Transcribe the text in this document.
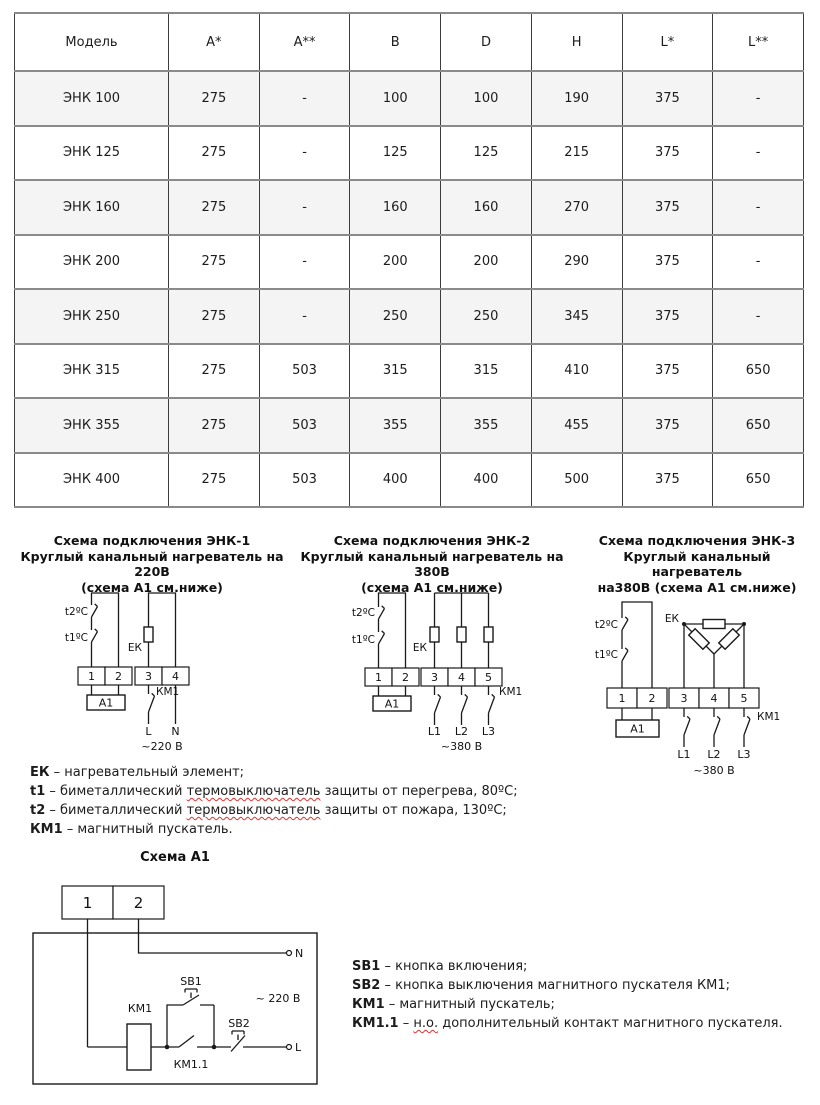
Модель	A*	A**	B	D	H	L*	L**
ЭНК 100	275	-	100	100	190	375	-
ЭНК 125	275	-	125	125	215	375	-
ЭНК 160	275	-	160	160	270	375	-
ЭНК 200	275	-	200	200	290	375	-
ЭНК 250	275	-	250	250	345	375	-
ЭНК 315	275	503	315	315	410	375	650
ЭНК 355	275	503	355	355	455	375	650
ЭНК 400	275	503	400	400	500	375	650
Схема подключения ЭНК-1
Круглый канальный нагреватель на 220В
(схема А1 см.ниже)
Схема подключения ЭНК-2
Круглый канальный нагреватель на 380В
(схема А1 см.ниже)
Схема подключения ЭНК-3
Круглый канальный нагреватель
на380В (схема А1 см.ниже)
1 2 3 4
А1
t2ºC
t1ºC
ЕК
КМ1
L N
~220 В
1 2 3 4 5
А1
t2ºC
t1ºC
ЕК
КМ1
L1 L2 L3
~380 В
1 2 3 4 5
А1
t2ºC
t1ºC
ЕК
КМ1
L1 L2 L3
~380 В
ЕК – нагревательный элемент;
t1 – биметаллический термовыключатель защиты от перегрева, 80ºС;
t2 – биметаллический термовыключатель защиты от пожара, 130ºС;
КМ1 – магнитный пускатель.
Схема А1
1	2
N
L
КМ1
SB1
SB2
КМ1.1
~ 220 В
SB1 – кнопка включения;
SB2 – кнопка выключения магнитного пускателя КМ1;
КМ1 – магнитный пускатель;
КМ1.1 – н.о. дополнительный контакт магнитного пускателя.
